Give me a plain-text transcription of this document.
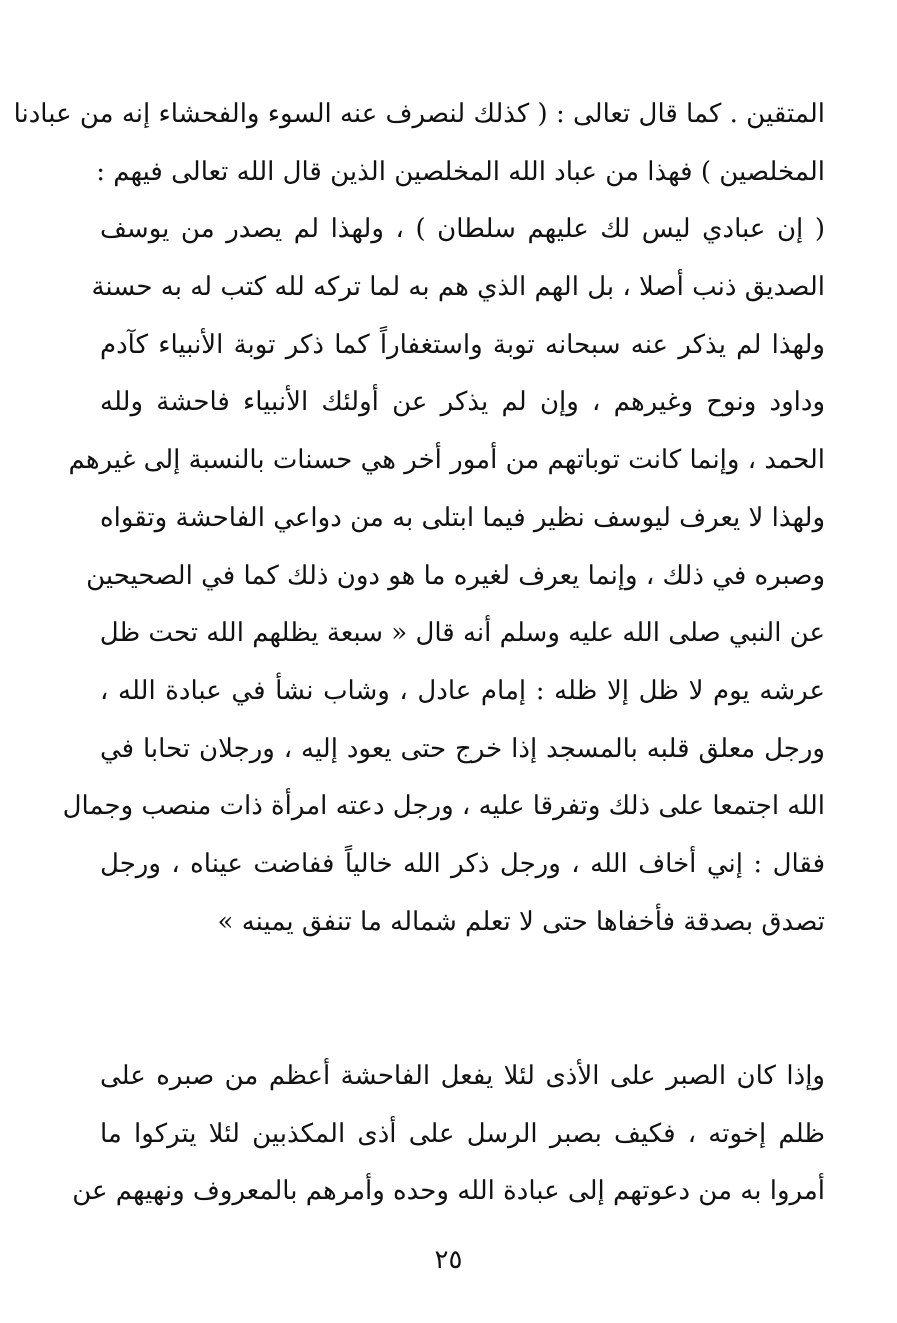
المتقين . كما قال تعالى : ( كذلك لنصرف عنه السوء والفحشاء إنه من عبادنا
المخلصين ) فهذا من عباد الله المخلصين الذين قال الله تعالى فيهم :
( إن عبادي ليس لك عليهم سلطان ) ، ولهذا لم يصدر من يوسف
الصديق ذنب أصلا ، بل الهم الذي هم به لما تركه لله كتب له به حسنة
ولهذا لم يذكر عنه سبحانه توبة واستغفاراً كما ذكر توبة الأنبياء كآدم
وداود ونوح وغيرهم ، وإن لم يذكر عن أولئك الأنبياء فاحشة ولله
الحمد ، وإنما كانت توباتهم من أمور أخر هي حسنات بالنسبة إلى غيرهم
ولهذا لا يعرف ليوسف نظير فيما ابتلى به من دواعي الفاحشة وتقواه
وصبره في ذلك ، وإنما يعرف لغيره ما هو دون ذلك كما في الصحيحين
عن النبي صلى الله عليه وسلم أنه قال « سبعة يظلهم الله تحت ظل
عرشه يوم لا ظل إلا ظله : إمام عادل ، وشاب نشأ في عبادة الله ،
ورجل معلق قلبه بالمسجد إذا خرج حتى يعود إليه ، ورجلان تحابا في
الله اجتمعا على ذلك وتفرقا عليه ، ورجل دعته امرأة ذات منصب وجمال
فقال : إني أخاف الله ، ورجل ذكر الله خالياً ففاضت عيناه ، ورجل
تصدق بصدقة فأخفاها حتى لا تعلم شماله ما تنفق يمينه »
وإذا كان الصبر على الأذى لئلا يفعل الفاحشة أعظم من صبره على
ظلم إخوته ، فكيف بصبر الرسل على أذى المكذبين لئلا يتركوا ما
أمروا به من دعوتهم إلى عبادة الله وحده وأمرهم بالمعروف ونهيهم عن
٢٥
